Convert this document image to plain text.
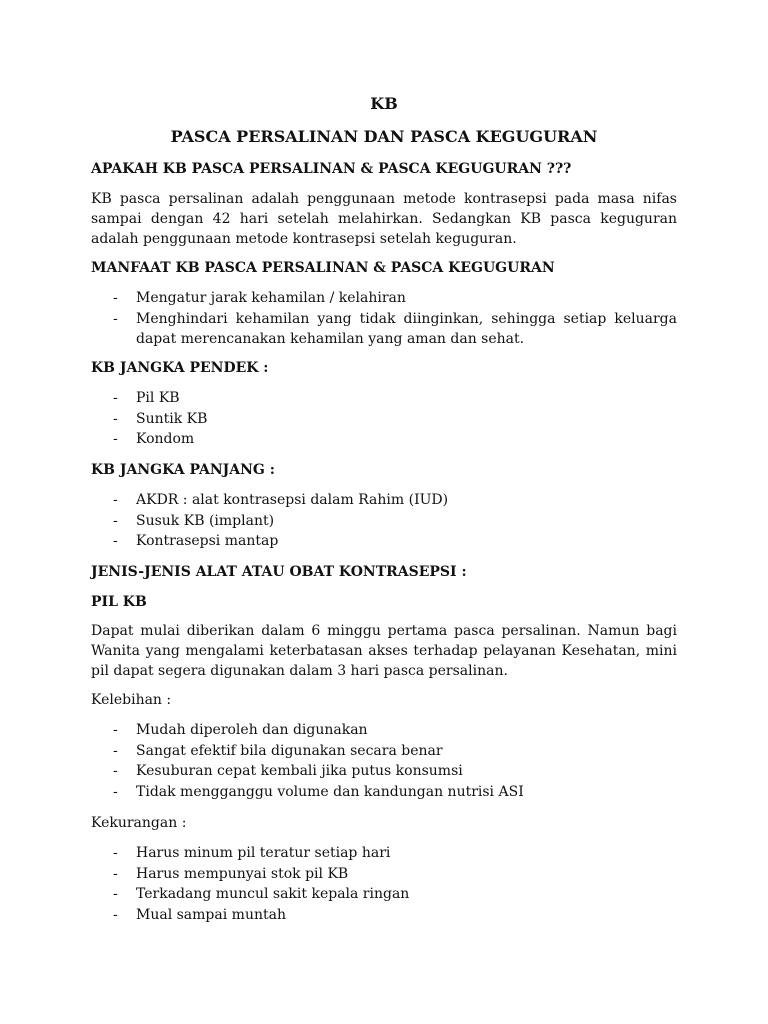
KB
PASCA PERSALINAN DAN PASCA KEGUGURAN
APAKAH KB PASCA PERSALINAN & PASCA KEGUGURAN ???
KB pasca persalinan adalah penggunaan metode kontrasepsi pada masa nifas sampai dengan 42 hari setelah melahirkan. Sedangkan KB pasca keguguran adalah penggunaan metode kontrasepsi setelah keguguran.
MANFAAT KB PASCA PERSALINAN & PASCA KEGUGURAN
- Mengatur jarak kehamilan / kelahiran
- Menghindari kehamilan yang tidak diinginkan, sehingga setiap keluarga dapat merencanakan kehamilan yang aman dan sehat.
KB JANGKA PENDEK :
- Pil KB
- Suntik KB
- Kondom
KB JANGKA PANJANG :
- AKDR : alat kontrasepsi dalam Rahim (IUD)
- Susuk KB (implant)
- Kontrasepsi mantap
JENIS-JENIS ALAT ATAU OBAT KONTRASEPSI :
PIL KB
Dapat mulai diberikan dalam 6 minggu pertama pasca persalinan. Namun bagi Wanita yang mengalami keterbatasan akses terhadap pelayanan Kesehatan, mini pil dapat segera digunakan dalam 3 hari pasca persalinan.
Kelebihan :
- Mudah diperoleh dan digunakan
- Sangat efektif bila digunakan secara benar
- Kesuburan cepat kembali jika putus konsumsi
- Tidak mengganggu volume dan kandungan nutrisi ASI
Kekurangan :
- Harus minum pil teratur setiap hari
- Harus mempunyai stok pil KB
- Terkadang muncul sakit kepala ringan
- Mual sampai muntah
